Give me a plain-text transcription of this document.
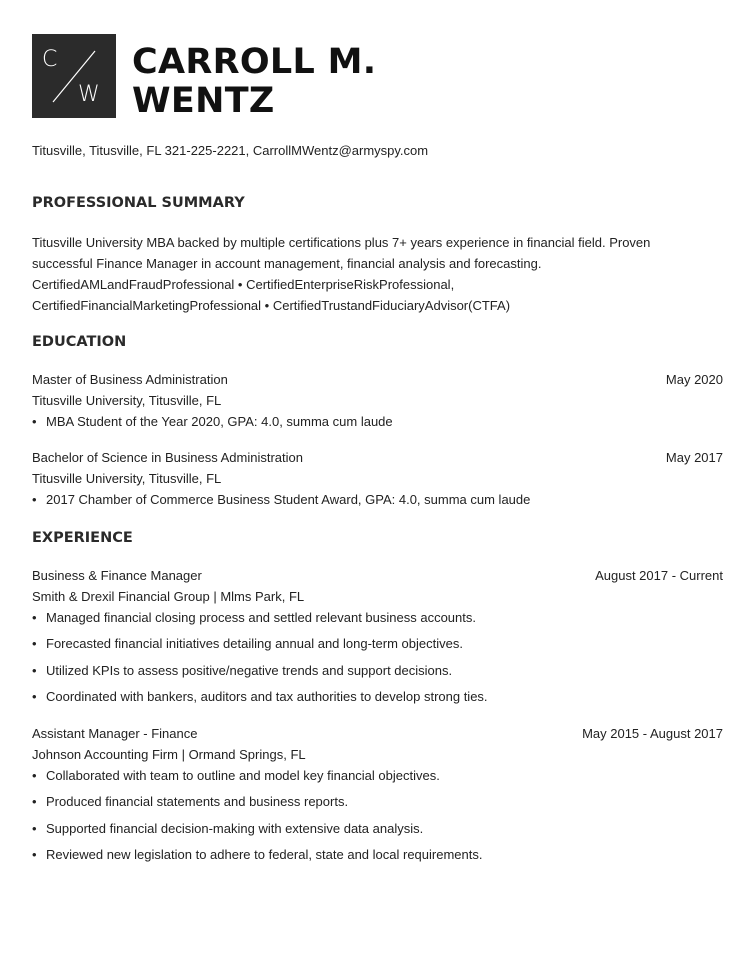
C
W
CARROLL M.
WENTZ
Titusville, Titusville, FL 321-225-2221, CarrollMWentz@armyspy.com
PROFESSIONAL SUMMARY
Titusville University MBA backed by multiple certifications plus 7+ years experience in financial field. Proven
successful Finance Manager in account management, financial analysis and forecasting.
CertifiedAMLandFraudProfessional • CertifiedEnterpriseRiskProfessional,
CertifiedFinancialMarketingProfessional • CertifiedTrustandFiduciaryAdvisor(CTFA)
EDUCATION
Master of Business Administration	May 2020
Titusville University, Titusville, FL
• MBA Student of the Year 2020, GPA: 4.0, summa cum laude
Bachelor of Science in Business Administration	May 2017
Titusville University, Titusville, FL
• 2017 Chamber of Commerce Business Student Award, GPA: 4.0, summa cum laude
EXPERIENCE
Business & Finance Manager	August 2017 - Current
Smith & Drexil Financial Group | Mlms Park, FL
• Managed financial closing process and settled relevant business accounts.
• Forecasted financial initiatives detailing annual and long-term objectives.
• Utilized KPIs to assess positive/negative trends and support decisions.
• Coordinated with bankers, auditors and tax authorities to develop strong ties.
Assistant Manager - Finance	May 2015 - August 2017
Johnson Accounting Firm | Ormand Springs, FL
• Collaborated with team to outline and model key financial objectives.
• Produced financial statements and business reports.
• Supported financial decision-making with extensive data analysis.
• Reviewed new legislation to adhere to federal, state and local requirements.
